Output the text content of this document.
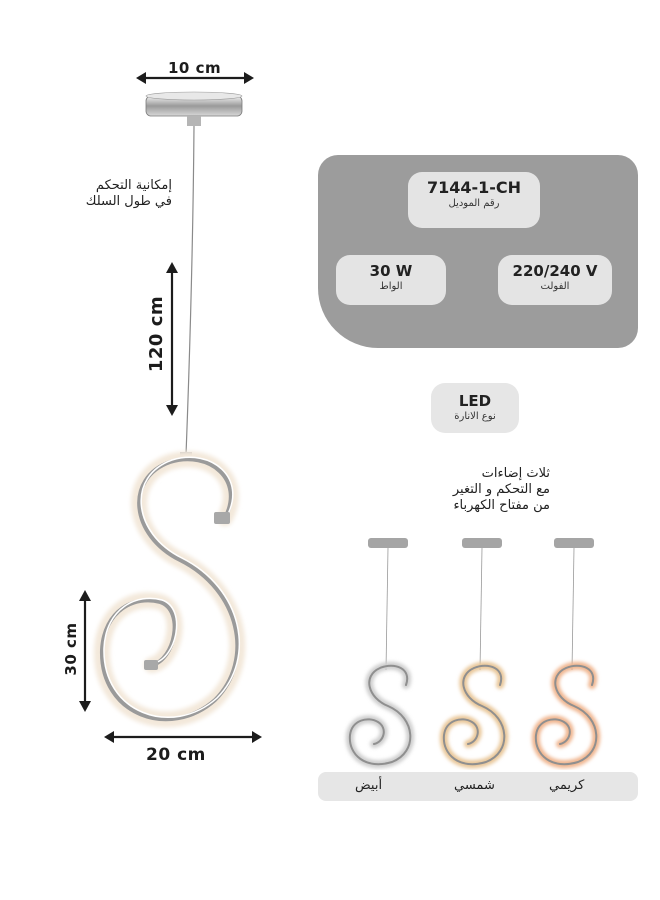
10 cm
120 cm
30 cm
20 cm
إمكانية التحكم
في طول السلك
7144-1-CH
رقم الموديل
30 W
الواط
220/240 V
الفولت
LED
نوع الانارة
ثلاث إضاءات
مع التحكم و التغير
من مفتاح الكهرباء
أبيض	شمسي	كريمي
